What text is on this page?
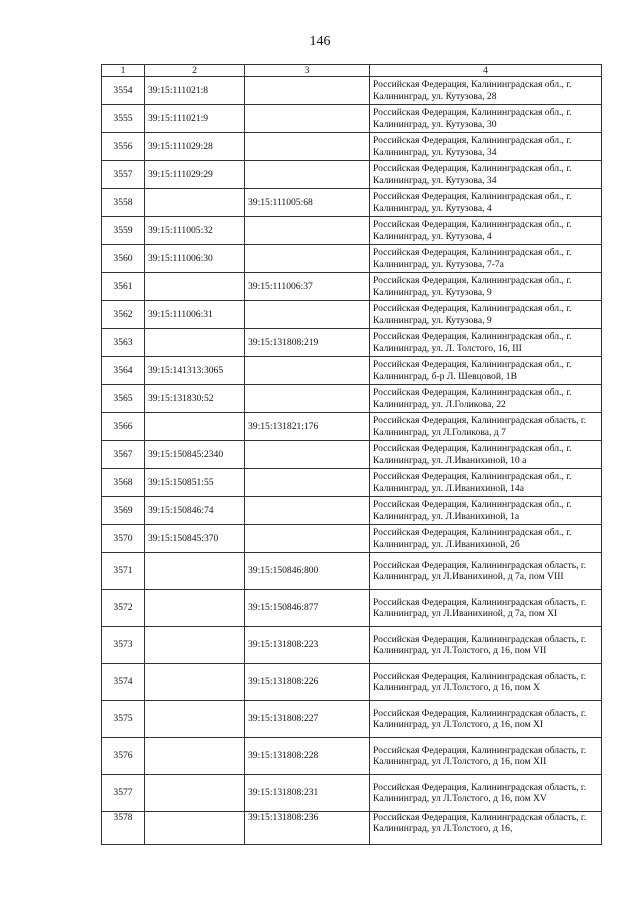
146
1	2	3	4
3554	39:15:111021:8		Российская Федерация, Калининградская обл., г. Калининград, ул. Кутузова, 28
3555	39:15:111021:9		Российская Федерация, Калининградская обл., г. Калининград, ул. Кутузова, 30
3556	39:15:111029:28		Российская Федерация, Калининградская обл., г. Калининград, ул. Кутузова, 34
3557	39:15:111029:29		Российская Федерация, Калининградская обл., г. Калининград, ул. Кутузова, 34
3558		39:15:111005:68	Российская Федерация, Калининградская обл., г. Калининград, ул. Кутузова, 4
3559	39:15:111005:32		Российская Федерация, Калининградская обл., г. Калининград, ул. Кутузова, 4
3560	39:15:111006:30		Российская Федерация, Калининградская обл., г. Калининград, ул. Кутузова, 7-7а
3561		39:15:111006:37	Российская Федерация, Калининградская обл., г. Калининград, ул. Кутузова, 9
3562	39:15:111006:31		Российская Федерация, Калининградская обл., г. Калининград, ул. Кутузова, 9
3563		39:15:131808:219	Российская Федерация, Калининградская обл., г. Калининград, ул. Л. Толстого, 16, III
3564	39:15:141313:3065		Российская Федерация, Калининградская обл., г. Калининград, б-р Л. Шевцовой, 1В
3565	39:15:131830:52		Российская Федерация, Калининградская обл., г. Калининград, ул. Л.Голикова, 22
3566		39:15:131821:176	Российская Федерация, Калининградская область, г. Калининград, ул Л.Голикова, д 7
3567	39:15:150845:2340		Российская Федерация, Калининградская обл., г. Калининград, ул. Л.Иванихиной, 10 а
3568	39:15:150851:55		Российская Федерация, Калининградская обл., г. Калининград, ул. Л.Иванихиной, 14а
3569	39:15:150846:74		Российская Федерация, Калининградская обл., г. Калининград, ул. Л.Иванихиной, 1а
3570	39:15:150845:370		Российская Федерация, Калининградская обл., г. Калининград, ул. Л.Иванихиной, 2б
3571		39:15:150846:800	Российская Федерация, Калининградская область, г. Калининград, ул Л.Иванихиной, д 7а, пом VIII
3572		39:15:150846:877	Российская Федерация, Калининградская область, г. Калининград, ул Л.Иванихиной, д 7а, пом XI
3573		39:15:131808:223	Российская Федерация, Калининградская область, г. Калининград, ул Л.Толстого, д 16, пом VII
3574		39:15:131808:226	Российская Федерация, Калининградская область, г. Калининград, ул Л.Толстого, д 16, пом X
3575		39:15:131808:227	Российская Федерация, Калининградская область, г. Калининград, ул Л.Толстого, д 16, пом XI
3576		39:15:131808:228	Российская Федерация, Калининградская область, г. Калининград, ул Л.Толстого, д 16, пом XII
3577		39:15:131808:231	Российская Федерация, Калининградская область, г. Калининград, ул Л.Толстого, д 16, пом XV
3578		39:15:131808:236	Российская Федерация, Калининградская область, г. Калининград, ул Л.Толстого, д 16,
